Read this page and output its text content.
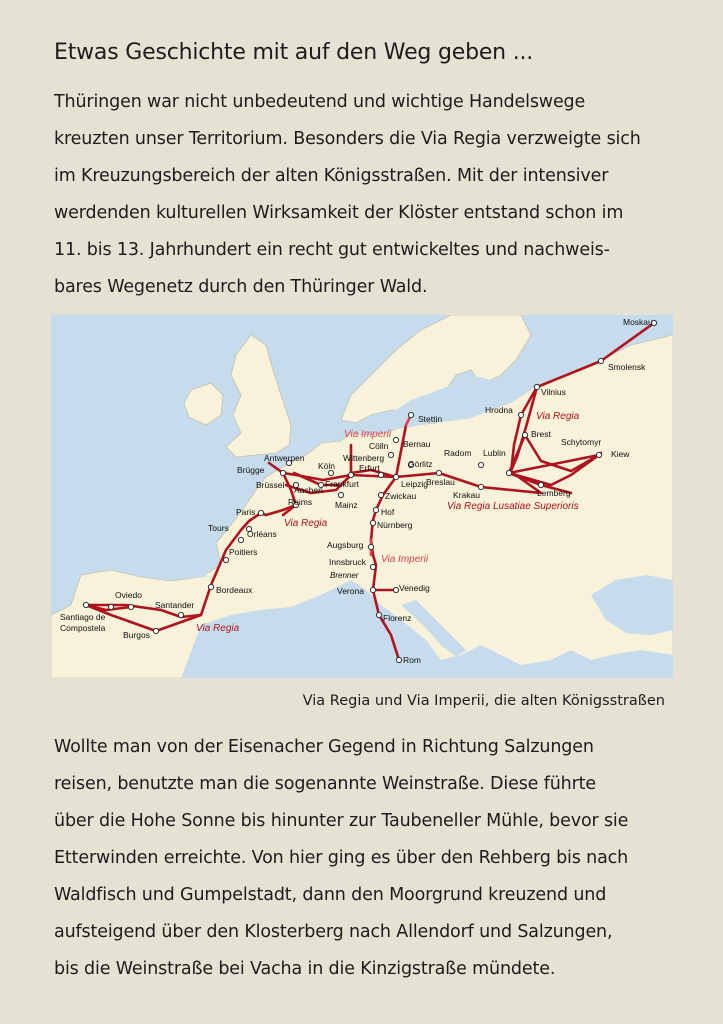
Etwas Geschichte mit auf den Weg geben ...

Thüringen war nicht unbedeutend und wichtige Handelswege
kreuzten unser Territorium. Besonders die Via Regia verzweigte sich
im Kreuzungsbereich der alten Königsstraßen. Mit der intensiver
werdenden kulturellen Wirksamkeit der Klöster entstand schon im
11. bis 13. Jahrhundert ein recht gut entwickeltes und nachweis-
bares Wegenetz durch den Thüringer Wald.

Moskau
Smolensk
Vilnius
Hrodna
Brest
Schytomyr
Kiew
Lublin
Radom
Krakau	Lemberg
Breslau
Görlitz
Stettin
Bernau
Cölln
Wittenberg
Erfurt
Leipzig
Zwickau
Hof
Nürnberg
Augsburg
Innsbruck
Verona	Venedig
Florenz
Rom
Köln
Frankfurt
Aachen
Mainz
Antwerpen
Brügge
Brüssel
Reims
Paris
Orléans
Tours
Poitiers
Bordeaux
Oviedo
Santander
Santiago de
Compostela
Burgos
Brenner
Via Regia
Via Imperii
Via Regia
Via Imperii
Via Regia Lusatiae Superioris
Via Regia

Via Regia und Via Imperii, die alten Königsstraßen

Wollte man von der Eisenacher Gegend in Richtung Salzungen
reisen, benutzte man die sogenannte Weinstraße. Diese führte
über die Hohe Sonne bis hinunter zur Taubeneller Mühle, bevor sie
Etterwinden erreichte. Von hier ging es über den Rehberg bis nach
Waldfisch und Gumpelstadt, dann den Moorgrund kreuzend und
aufsteigend über den Klosterberg nach Allendorf und Salzungen,
bis die Weinstraße bei Vacha in die Kinzigstraße mündete.
